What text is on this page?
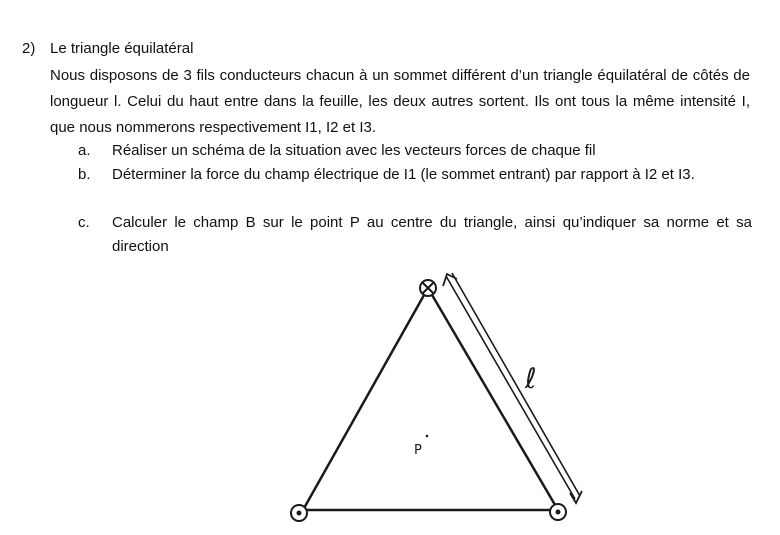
2) Le triangle équilatéral

Nous disposons de 3 fils conducteurs chacun à un sommet différent d’un triangle équilatéral de côtés de longueur l. Celui du haut entre dans la feuille, les deux autres sortent. Ils ont tous la même intensité I, que nous nommerons respectivement I1, I2 et I3.

a. Réaliser un schéma de la situation avec les vecteurs forces de chaque fil
b. Déterminer la force du champ électrique de I1 (le sommet entrant) par rapport à I2 et I3.
c. Calculer le champ B sur le point P au centre du triangle, ainsi qu’indiquer sa norme et sa direction
ℓ
P
